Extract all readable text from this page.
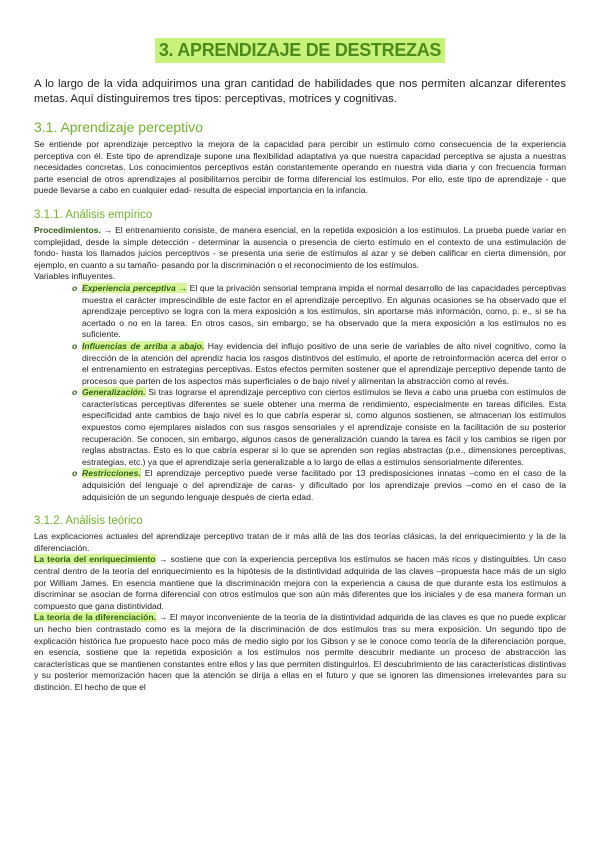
3. APRENDIZAJE DE DESTREZAS

A lo largo de la vida adquirimos una gran cantidad de habilidades que nos permiten alcanzar diferentes metas. Aquí distinguiremos tres tipos: perceptivas, motrices y cognitivas.

3.1. Aprendizaje perceptivo

Se entiende por aprendizaje perceptivo la mejora de la capacidad para percibir un estímulo como consecuencia de la experiencia perceptiva con él. Este tipo de aprendizaje supone una flexibilidad adaptativa ya que nuestra capacidad perceptiva se ajusta a nuestras necesidades concretas. Los conocimientos perceptivos están constantemente operando en nuestra vida diaria y con frecuencia forman parte esencial de otros aprendizajes al posibilitarnos percibir de forma diferencial los estímulos. Por ello, este tipo de aprendizaje - que puede llevarse a cabo en cualquier edad- resulta de especial importancia en la infancia.

3.1.1. Análisis empírico

Procedimientos. → El entrenamiento consiste, de manera esencial, en la repetida exposición a los estímulos. La prueba puede variar en complejidad, desde la simple detección - determinar la ausencia o presencia de cierto estímulo en el contexto de una estimulación de fondo- hasta los llamados juicios perceptivos - se presenta una serie de estímulos al azar y se deben calificar en cierta dimensión, por ejemplo, en cuanto a su tamaño- pasando por la discriminación o el reconocimiento de los estímulos.

Variables influyentes.

o Experiencia perceptiva → El que la privación sensorial temprana impida el normal desarrollo de las capacidades perceptivas muestra el carácter imprescindible de este factor en el aprendizaje perceptivo. En algunas ocasiones se ha observado que el aprendizaje perceptivo se logra con la mera exposición a los estímulos, sin aportarse más información, como, p. e., si se ha acertado o no en la tarea. En otros casos, sin embargo, se ha observado que la mera exposición a los estímulos no es suficiente.
o Influencias de arriba a abajo. Hay evidencia del influjo positivo de una serie de variables de alto nivel cognitivo, como la dirección de la atención del aprendiz hacia los rasgos distintivos del estímulo, el aporte de retroinformación acerca del error o el entrenamiento en estrategias perceptivas. Estos efectos permiten sostener que el aprendizaje perceptivo depende tanto de procesos que parten de los aspectos más superficiales o de bajo nivel y alimentan la abstracción como al revés.
o Generalización. Si tras lograrse el aprendizaje perceptivo con ciertos estímulos se lleva a cabo una prueba con estímulos de características perceptivas diferentes se suele obtener una merma de rendimiento, especialmente en tareas difíciles. Esta especificidad ante cambios de bajo nivel es lo que cabría esperar si, como algunos sostienen, se almacenan los estímulos expuestos como ejemplares aislados con sus rasgos sensoriales y el aprendizaje consiste en la facilitación de su posterior recuperación. Se conocen, sin embargo, algunos casos de generalización cuando la tarea es fácil y los cambios se rigen por reglas abstractas. Esto es lo que cabría esperar si lo que se aprenden son reglas abstractas (p.e., dimensiones perceptivas, estrategias, etc.) ya que el aprendizaje sería generalizable a lo largo de ellas a estímulos sensorialmente diferentes.
o Restricciones. El aprendizaje perceptivo puede verse facilitado por 13 predisposiciones innatas –como en el caso de la adquisición del lenguaje o del aprendizaje de caras- y dificultado por los aprendizaje previos –como en el caso de la adquisición de un segundo lenguaje después de cierta edad.
3.1.2. Análisis teórico

Las explicaciones actuales del aprendizaje perceptivo tratan de ir más allá de las dos teorías clásicas, la del enriquecimiento y la de la diferenciación.

La teoría del enriquecimiento → sostiene que con la experiencia perceptiva los estímulos se hacen más ricos y distinguibles. Un caso central dentro de la teoría del enriquecimiento es la hipótesis de la distintividad adquirida de las claves –propuesta hace más de un siglo por William James. En esencia mantiene que la discriminación mejora con la experiencia a causa de que durante esta los estímulos a discriminar se asocian de forma diferencial con otros estímulos que son aún más diferentes que los iniciales y de esa manera forman un compuesto que gana distintividad.

La teoría de la diferenciación. → El mayor inconveniente de la teoría de la distintividad adquirida de las claves es que no puede explicar un hecho bien contrastado como es la mejora de la discriminación de dos estímulos tras su mera exposición. Un segundo tipo de explicación histórica fue propuesto hace poco más de medio siglo por los Gibson y se le conoce como teoría de la diferenciación porque, en esencia, sostiene que la repetida exposición a los estímulos nos permite descubrir mediante un proceso de abstracción las características que se mantienen constantes entre ellos y las que permiten distinguirlos. El descubrimiento de las características distintivas y su posterior memorización hacen que la atención se dirija a ellas en el futuro y que se ignoren las dimensiones irrelevantes para su distinción. El hecho de que el
